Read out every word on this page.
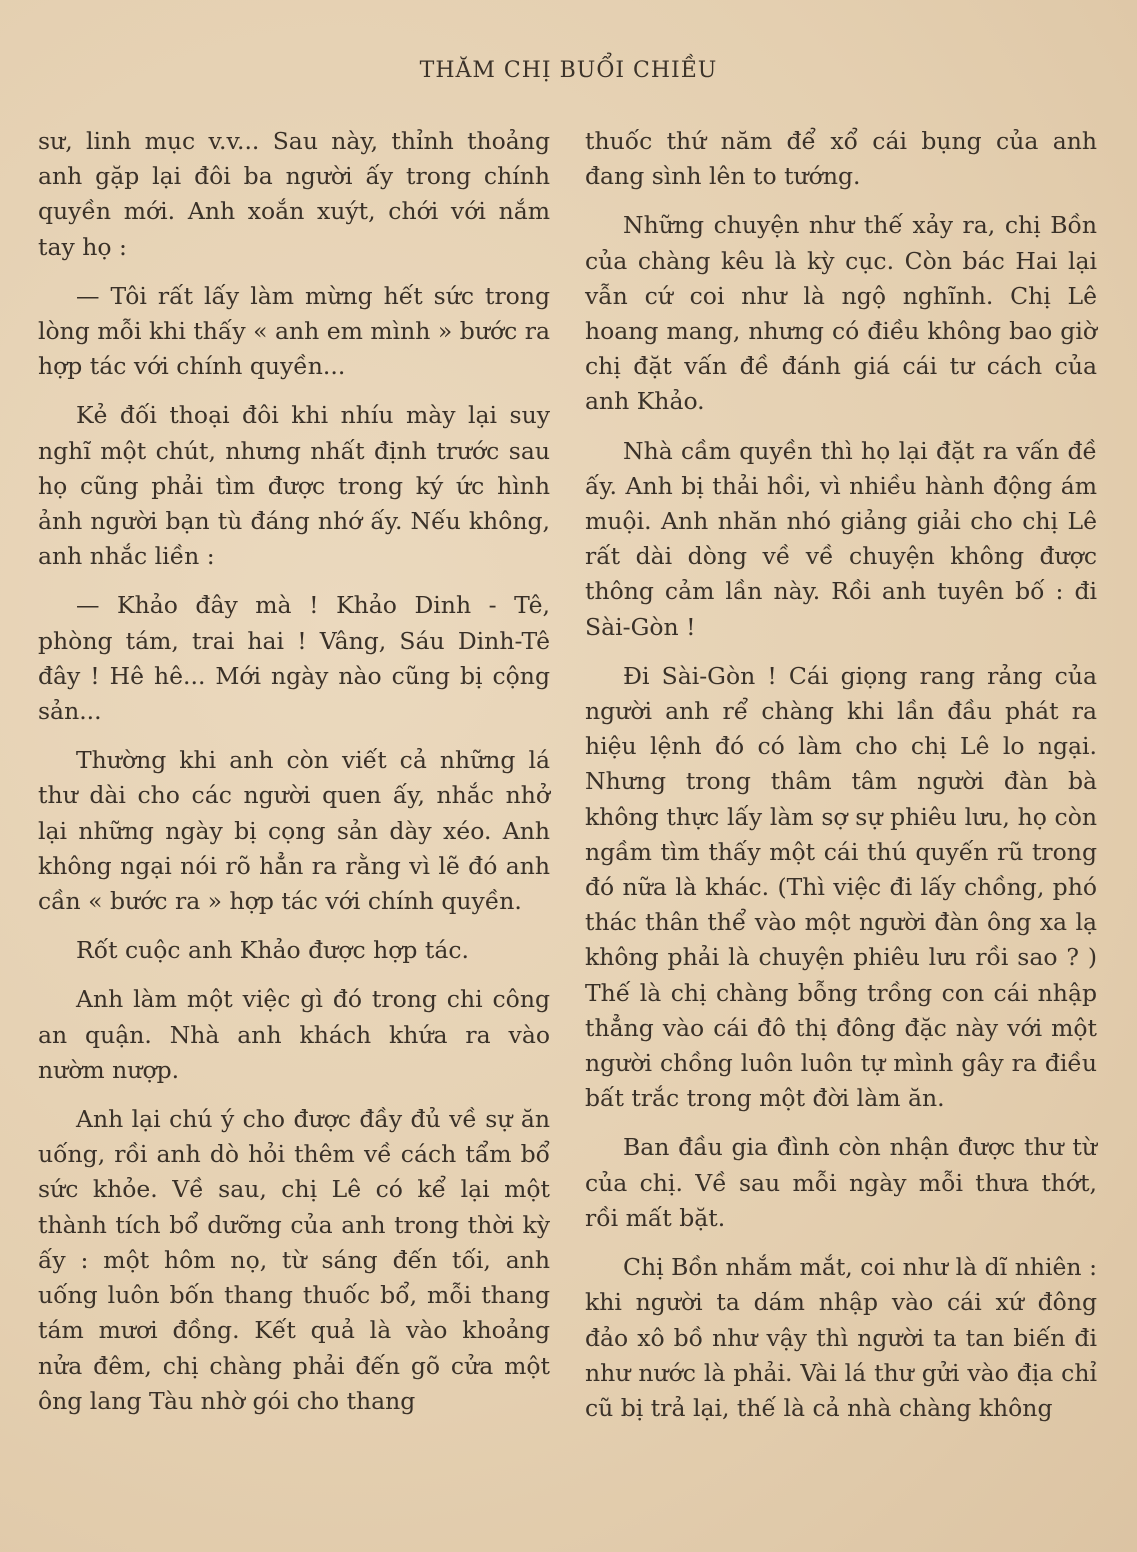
THĂM CHỊ BUỔI CHIỀU

sư, linh mục v.v... Sau này, thỉnh thoảng anh gặp lại đôi ba người ấy trong chính quyền mới. Anh xoắn xuýt, chới với nắm tay họ :

— Tôi rất lấy làm mừng hết sức trong lòng mỗi khi thấy « anh em mình » bước ra hợp tác với chính quyền...

Kẻ đối thoại đôi khi nhíu mày lại suy nghĩ một chút, nhưng nhất định trước sau họ cũng phải tìm được trong ký ức hình ảnh người bạn tù đáng nhớ ấy. Nếu không, anh nhắc liền :

— Khảo đây mà ! Khảo Dinh - Tê, phòng tám, trai hai ! Vâng, Sáu Dinh-Tê đây ! Hê hê... Mới ngày nào cũng bị cộng sản...

Thường khi anh còn viết cả những lá thư dài cho các người quen ấy, nhắc nhở lại những ngày bị cọng sản dày xéo. Anh không ngại nói rõ hẳn ra rằng vì lẽ đó anh cần « bước ra » hợp tác với chính quyền.

Rốt cuộc anh Khảo được hợp tác.

Anh làm một việc gì đó trong chi công an quận. Nhà anh khách khứa ra vào nườm nượp.

Anh lại chú ý cho được đầy đủ về sự ăn uống, rồi anh dò hỏi thêm về cách tẩm bổ sức khỏe. Về sau, chị Lê có kể lại một thành tích bổ dưỡng của anh trong thời kỳ ấy : một hôm nọ, từ sáng đến tối, anh uống luôn bốn thang thuốc bổ, mỗi thang tám mươi đồng. Kết quả là vào khoảng nửa đêm, chị chàng phải đến gõ cửa một ông lang Tàu nhờ gói cho thang

thuốc thứ năm để xổ cái bụng của anh đang sình lên to tướng.

Những chuyện như thế xảy ra, chị Bồn của chàng kêu là kỳ cục. Còn bác Hai lại vẫn cứ coi như là ngộ nghĩnh. Chị Lê hoang mang, nhưng có điều không bao giờ chị đặt vấn đề đánh giá cái tư cách của anh Khảo.

Nhà cầm quyền thì họ lại đặt ra vấn đề ấy. Anh bị thải hồi, vì nhiều hành động ám muội. Anh nhăn nhó giảng giải cho chị Lê rất dài dòng về về chuyện không được thông cảm lần này. Rồi anh tuyên bố : đi Sài-Gòn !

Đi Sài-Gòn ! Cái giọng rang rảng của người anh rể chàng khi lần đầu phát ra hiệu lệnh đó có làm cho chị Lê lo ngại. Nhưng trong thâm tâm người đàn bà không thực lấy làm sợ sự phiêu lưu, họ còn ngầm tìm thấy một cái thú quyến rũ trong đó nữa là khác. (Thì việc đi lấy chồng, phó thác thân thể vào một người đàn ông xa lạ không phải là chuyện phiêu lưu rồi sao ? ) Thế là chị chàng bỗng trồng con cái nhập thẳng vào cái đô thị đông đặc này với một người chồng luôn luôn tự mình gây ra điều bất trắc trong một đời làm ăn.

Ban đầu gia đình còn nhận được thư từ của chị. Về sau mỗi ngày mỗi thưa thớt, rồi mất bặt.

Chị Bồn nhắm mắt, coi như là dĩ nhiên : khi người ta dám nhập vào cái xứ đông đảo xô bồ như vậy thì người ta tan biến đi như nước là phải. Vài lá thư gửi vào địa chỉ cũ bị trả lại, thế là cả nhà chàng không
